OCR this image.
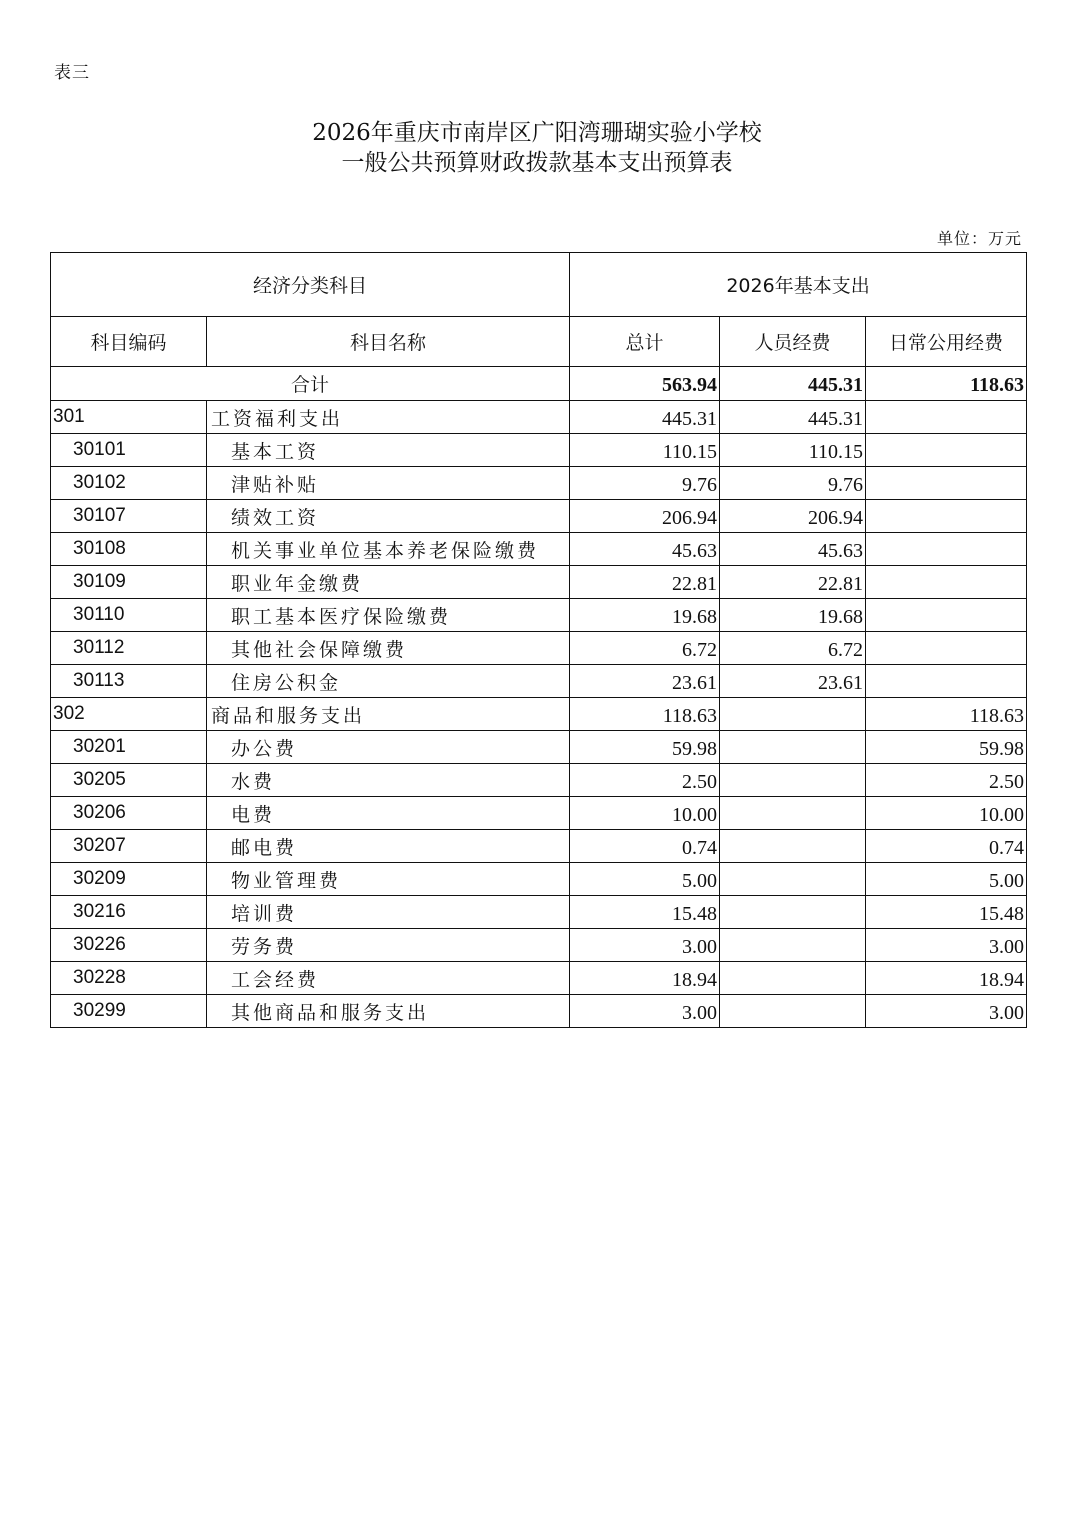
表三
2026年重庆市南岸区广阳湾珊瑚实验小学校
一般公共预算财政拨款基本支出预算表
单位：万元
经济分类科目		2026年基本支出		
科目编码	科目名称	总计	人员经费	日常公用经费
合计		563.94	445.31	118.63
301	工资福利支出	445.31	445.31	
30101	基本工资	110.15	110.15	
30102	津贴补贴	9.76	9.76	
30107	绩效工资	206.94	206.94	
30108	机关事业单位基本养老保险缴费	45.63	45.63	
30109	职业年金缴费	22.81	22.81	
30110	职工基本医疗保险缴费	19.68	19.68	
30112	其他社会保障缴费	6.72	6.72	
30113	住房公积金	23.61	23.61	
302	商品和服务支出	118.63		118.63
30201	办公费	59.98		59.98
30205	水费	2.50		2.50
30206	电费	10.00		10.00
30207	邮电费	0.74		0.74
30209	物业管理费	5.00		5.00
30216	培训费	15.48		15.48
30226	劳务费	3.00		3.00
30228	工会经费	18.94		18.94
30299	其他商品和服务支出	3.00		3.00
